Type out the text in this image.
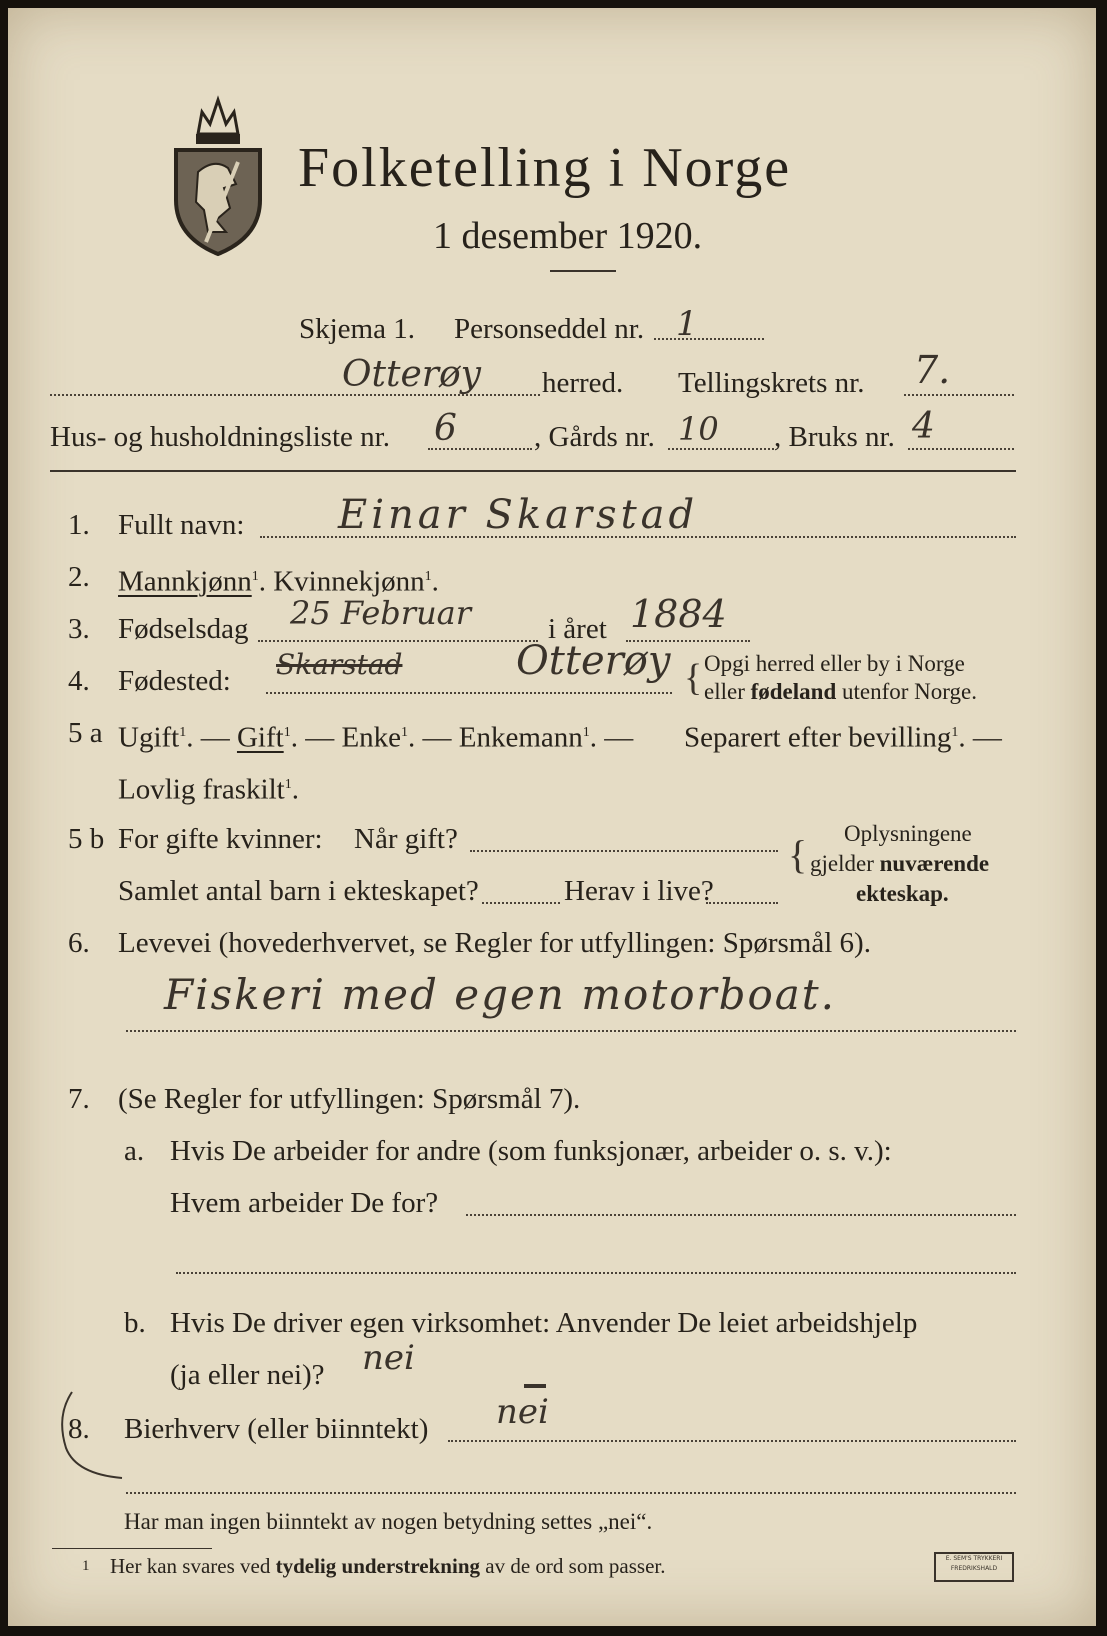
Folketelling i Norge
1 desember 1920.
Skjema 1. Personseddel nr. 1
Otterøy herred. Tellingskrets nr. 7.
Hus- og husholdningsliste nr. 6	, Gårds nr. 10 , Bruks nr. 4
1. Fullt navn: Einar Skarstad
2. Mannkjønn$^1$. Kvinnekjønn$^1$.
3. Fødselsdag 25 Februar	i året 1884
4. Fødested: Skarstad	Otterøy { Opgi herred eller by i Norge
eller fødeland utenfor Norge.
5 a Ugift$^1$. — Gift$^1$. — Enke$^1$. — Enkemann$^1$. — Separert efter bevilling$^1$. —
Lovlig fraskilt$^1$.
5 b For gifte kvinner: Når gift?
Samlet antal barn i ekteskapet?	Herav i live?
{ Oplysningene
gjelder nuværende
ekteskap.
6. Levevei (hovederhvervet, se Regler for utfyllingen: Spørsmål 6).
Fiskeri med egen motorboat.
7. (Se Regler for utfyllingen: Spørsmål 7).
a. Hvis De arbeider for andre (som funksjonær, arbeider o. s. v.):
Hvem arbeider De for?
b. Hvis De driver egen virksomhet: Anvender De leiet arbeidshjelp
(ja eller nei)? nei
8. Bierhverv (eller biinntekt) nei
Har man ingen biinntekt av nogen betydning settes „nei“.
1 Her kan svares ved tydelig understrekning av de ord som passer.	E. SEM'S TRYKKERI
FREDRIKSHALD
